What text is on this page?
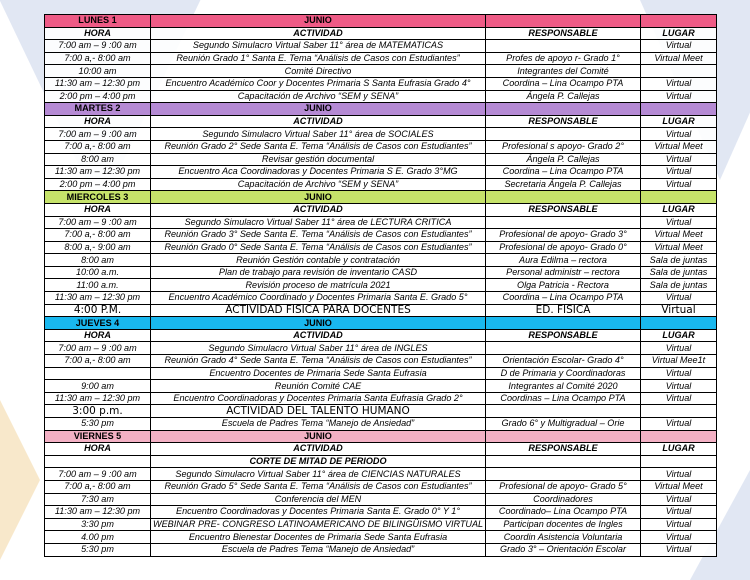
LUNES 1	JUNIO		
HORA	ACTIVIDAD	RESPONSABLE	LUGAR
7:00 am – 9 :00 am	Segundo Simulacro Virtual Saber 11° área de MATEMATICAS		Virtual
7:00 a,- 8:00 am	Reunión Grado 1° Santa E. Tema “Análisis de Casos con Estudiantes”	Profes de apoyo r- Grado 1°	Virtual Meet
10:00 am	Comité Directivo	Integrantes del Comité	
11:30 am – 12:30 pm	Encuentro Académico Coor y Docentes Primaria S Santa Eufrasia Grado 4°	Coordina – Lina Ocampo PTA	Virtual
2:00 pm – 4:00 pm	Capacitación de Archivo “SEM y SENA”	Ángela P. Callejas	Virtual
MARTES 2	JUNIO		
HORA	ACTIVIDAD	RESPONSABLE	LUGAR
7:00 am – 9 :00 am	Segundo Simulacro Virtual Saber 11° área de SOCIALES		Virtual
7:00 a,- 8:00 am	Reunión Grado 2° Sede Santa E. Tema “Análisis de Casos con Estudiantes”	Profesional s apoyo- Grado 2°	Virtual Meet
8:00 am	Revisar gestión documental	Ángela P. Callejas	Virtual
11:30 am – 12:30 pm	Encuentro Aca Coordinadoras y Docentes Primaria S E. Grado 3°MG	Coordina – Lina Ocampo PTA	Virtual
2:00 pm – 4:00 pm	Capacitación de Archivo “SEM y SENA”	Secretaria Ángela P. Callejas	Virtual
MIERCOLES 3	JUNIO		
HORA	ACTIVIDAD	RESPONSABLE	LUGAR
7:00 am – 9 :00 am	Segundo Simulacro Virtual Saber 11° área de LECTURA CRITICA		Virtual
7:00 a,- 8:00 am	Reunión Grado 3° Sede Santa E. Tema “Análisis de Casos con Estudiantes”	Profesional de apoyo- Grado 3°	Virtual Meet
8:00 a,- 9:00 am	Reunión Grado 0° Sede Santa E. Tema “Análisis de Casos con Estudiantes”	Profesional de apoyo- Grado 0°	Virtual Meet
8:00 am	Reunión Gestión contable y contratación	Aura Edilma – rectora	Sala de juntas
10:00 a.m.	Plan de trabajo para revisión de inventario CASD	Personal administr – rectora	Sala de juntas
11:00 a.m.	Revisión proceso de matrícula 2021	Olga Patricia - Rectora	Sala de juntas
11:30 am – 12:30 pm	Encuentro Académico Coordinado y Docentes Primaria Santa E. Grado 5°	Coordina – Lina Ocampo PTA	Virtual
4:00 P.M.	ACTIVIDAD FISICA PARA DOCENTES	ED. FISICA	Virtual
JUEVES 4	JUNIO		
HORA	ACTIVIDAD	RESPONSABLE	LUGAR
7:00 am – 9 :00 am	Segundo Simulacro Virtual Saber 11° área de INGLES		Virtual
7:00 a,- 8:00 am	Reunión Grado 4° Sede Santa E. Tema “Análisis de Casos con Estudiantes”	Orientación Escolar- Grado 4°	Virtual Mee1t
	Encuentro Docentes de Primaria Sede Santa Eufrasia	D de Primaria y Coordinadoras	Virtual
9:00 am	Reunión Comité CAE	Integrantes al Comité 2020	Virtual
11:30 am – 12:30 pm	Encuentro Coordinadoras y Docentes Primaria Santa Eufrasia Grado 2°	Coordinas – Lina Ocampo PTA	Virtual
3:00 p.m.	ACTIVIDAD DEL TALENTO HUMANO		
5:30 pm	Escuela de Padres Tema “Manejo de Ansiedad”	Grado 6° y Multigradual – Orie	Virtual
VIERNES 5	JUNIO		
HORA	ACTIVIDAD	RESPONSABLE	LUGAR
	CORTE DE MITAD DE PERIODO		
7:00 am – 9 :00 am	Segundo Simulacro Virtual Saber 11° área de CIENCIAS NATURALES		Virtual
7:00 a,- 8:00 am	Reunión Grado 5° Sede Santa E. Tema “Análisis de Casos con Estudiantes”	Profesional de apoyo- Grado 5°	Virtual Meet
7:30 am	Conferencia del MEN	Coordinadores	Virtual
11:30 am – 12:30 pm	Encuentro Coordinadoras y Docentes Primaria Santa E. Grado 0° Y 1°	Coordinado– Lina Ocampo PTA	Virtual
3:30 pm	WEBINAR PRE- CONGRESO LATINOAMERICANO DE BILINGÜISMO VIRTUAL	Participan docentes de Ingles	Virtual
4.00 pm	Encuentro Bienestar Docentes de Primaria Sede Santa Eufrasia	Coordin Asistencia Voluntaria	Virtual
5:30 pm	Escuela de Padres Tema “Manejo de Ansiedad”	Grado 3° – Orientación Escolar	Virtual
